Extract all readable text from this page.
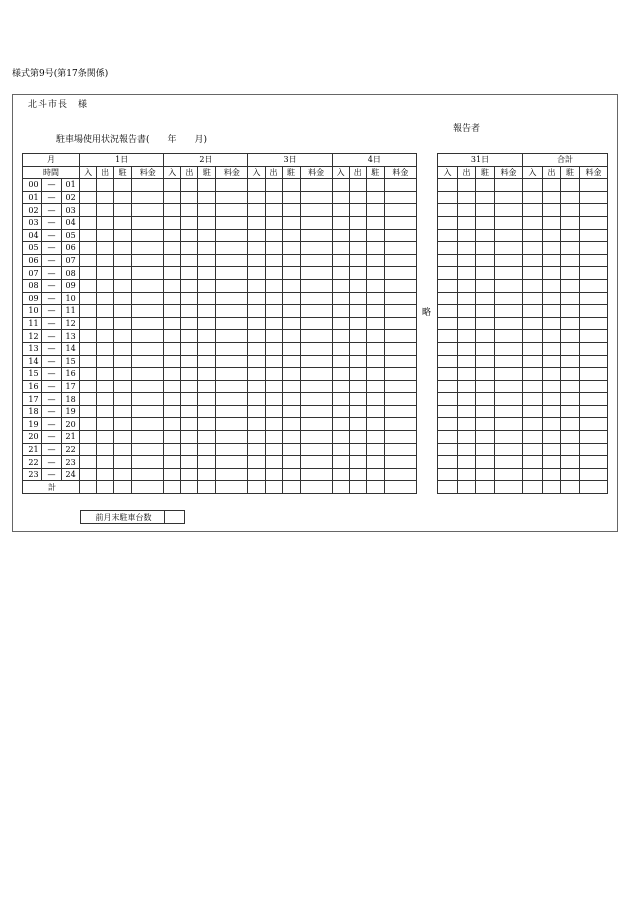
様式第9号(第17条関係)
北斗市長　様
報告者
駐車場使用状況報告書(　　年　　月)
月			1日				2日				3日				4日			
時間			入	出	駐	料金	入	出	駐	料金	入	出	駐	料金	入	出	駐	料金
00	—	01																
01	—	02																
02	—	03																
03	—	04																
04	—	05																
05	—	06																
06	—	07																
07	—	08																
08	—	09																
09	—	10																
10	—	11																
11	—	12																
12	—	13																
13	—	14																
14	—	15																
15	—	16																
16	—	17																
17	—	18																
18	—	19																
19	—	20																
20	—	21																
21	—	22																
22	—	23																
23	—	24																
計																		
略
31日				合計			
入	出	駐	料金	入	出	駐	料金

前月末駐車台数	
